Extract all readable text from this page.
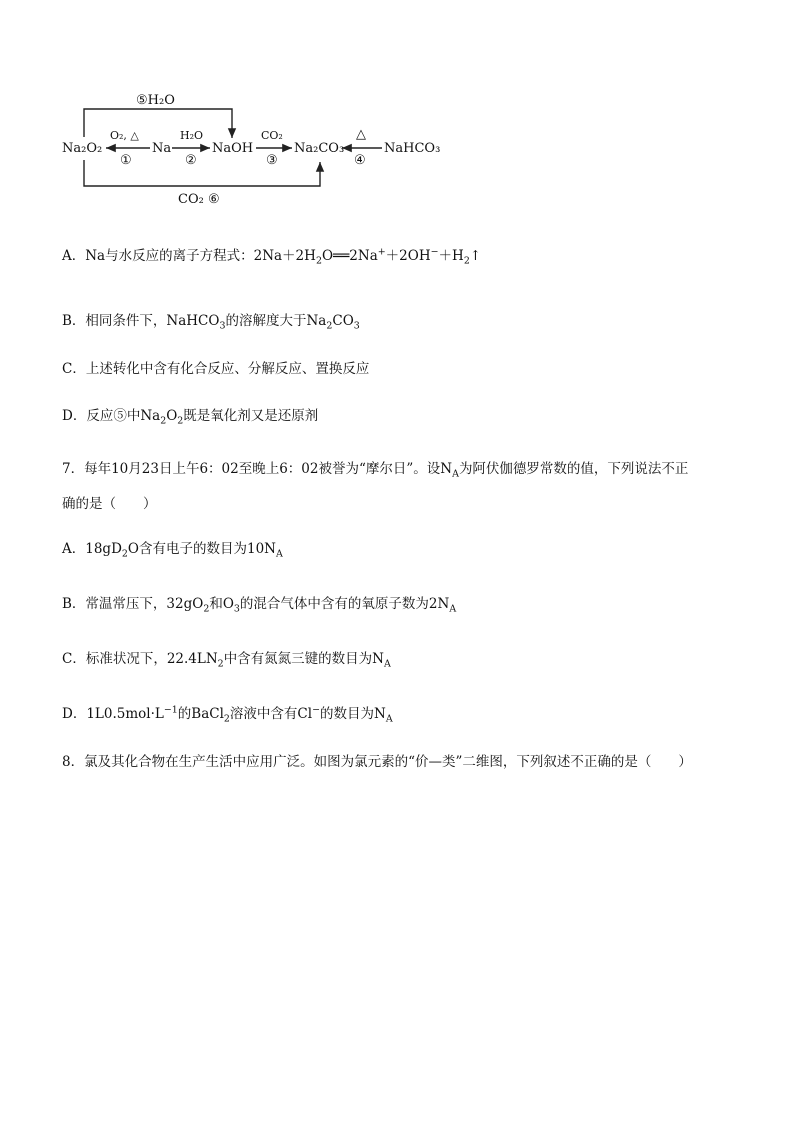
⑤H₂O
CO₂ ⑥
Na₂O₂	Na	NaOH	Na₂CO₃	NaHCO₃
O₂, △
①
H₂O
②
CO₂
③
△
④
A．Na与水反应的离子方程式：$2Na+2H_2O══2Na^++2OH^-+H_2↑$
B．相同条件下，NaHCO$_3$的溶解度大于$Na_2CO_3$
C．上述转化中含有化合反应、分解反应、置换反应
D．反应⑤中$Na_2O_2$既是氧化剂又是还原剂
7．每年10月23日上午6：02至晚上6：02被誉为“摩尔日”。设$N_A$为阿伏伽德罗常数的值，下列说法不正
确的是（　　）
A．$18gD_2O$含有电子的数目为$10N_A$
B．常温常压下，$32gO_2$和$O_3$的混合气体中含有的氧原子数为$2N_A$
C．标准状况下，$22.4LN_2$中含有氮氮三键的数目为$N_A$
D．$1L0.5mol\cdot L^{-1}$的BaCl$_2$溶液中含有Cl−的数目为$N_A$
8．氯及其化合物在生产生活中应用广泛。如图为氯元素的“价—类”二维图，下列叙述不正确的是（　　）
